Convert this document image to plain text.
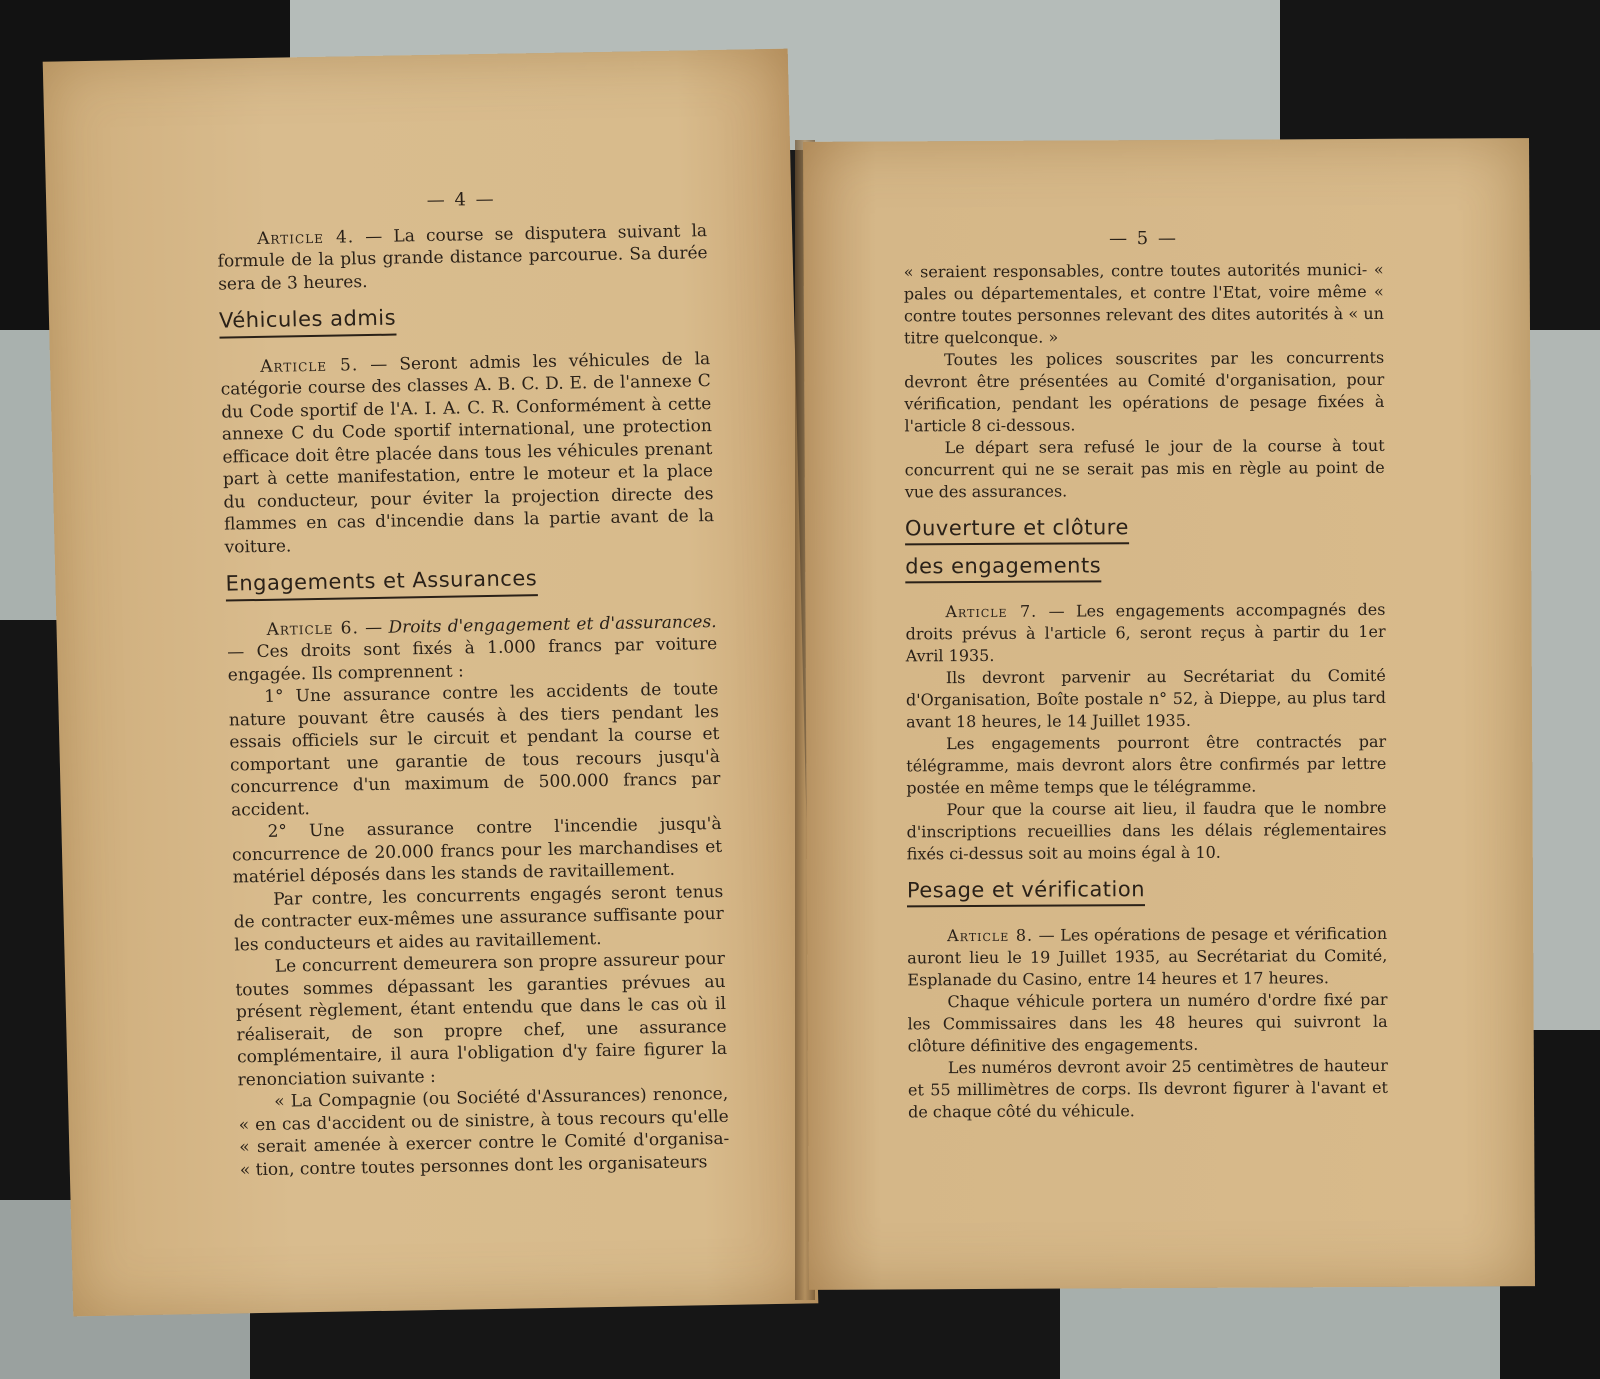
— 4 —

Article 4. — La course se disputera suivant la formule de la plus grande distance parcourue. Sa durée sera de 3 heures.

Véhicules admis

Article 5. — Seront admis les véhicules de la catégorie course des classes A. B. C. D. E. de l'annexe C du Code sportif de l'A. I. A. C. R. Conformément à cette annexe C du Code sportif international, une protection efficace doit être placée dans tous les véhicules prenant part à cette manifestation, entre le moteur et la place du conducteur, pour éviter la projection directe des flammes en cas d'incendie dans la partie avant de la voiture.

Engagements et Assurances

Article 6. — Droits d'engagement et d'assurances. — Ces droits sont fixés à 1.000 francs par voiture engagée. Ils comprennent :

1° Une assurance contre les accidents de toute nature pouvant être causés à des tiers pendant les essais officiels sur le circuit et pendant la course et comportant une garantie de tous recours jusqu'à concurrence d'un maximum de 500.000 francs par accident.

2° Une assurance contre l'incendie jusqu'à concurrence de 20.000 francs pour les marchandises et matériel déposés dans les stands de ravitaillement.

Par contre, les concurrents engagés seront tenus de contracter eux-mêmes une assurance suffisante pour les conducteurs et aides au ravitaillement.

Le concurrent demeurera son propre assureur pour toutes sommes dépassant les garanties prévues au présent règlement, étant entendu que dans le cas où il réaliserait, de son propre chef, une assurance complémentaire, il aura l'obligation d'y faire figurer la renonciation suivante :

« La Compagnie (ou Société d'Assurances) renonce, « en cas d'accident ou de sinistre, à tous recours qu'elle « serait amenée à exercer contre le Comité d'organisa- « tion, contre toutes personnes dont les organisateurs

— 5 —

« seraient responsables, contre toutes autorités munici- « pales ou départementales, et contre l'Etat, voire même « contre toutes personnes relevant des dites autorités à « un titre quelconque. »

Toutes les polices souscrites par les concurrents devront être présentées au Comité d'organisation, pour vérification, pendant les opérations de pesage fixées à l'article 8 ci-dessous.

Le départ sera refusé le jour de la course à tout concurrent qui ne se serait pas mis en règle au point de vue des assurances.

Ouverture et clôture
des engagements

Article 7. — Les engagements accompagnés des droits prévus à l'article 6, seront reçus à partir du 1er Avril 1935.

Ils devront parvenir au Secrétariat du Comité d'Organisation, Boîte postale n° 52, à Dieppe, au plus tard avant 18 heures, le 14 Juillet 1935.

Les engagements pourront être contractés par télégramme, mais devront alors être confirmés par lettre postée en même temps que le télégramme.

Pour que la course ait lieu, il faudra que le nombre d'inscriptions recueillies dans les délais réglementaires fixés ci-dessus soit au moins égal à 10.

Pesage et vérification

Article 8. — Les opérations de pesage et vérification auront lieu le 19 Juillet 1935, au Secrétariat du Comité, Esplanade du Casino, entre 14 heures et 17 heures.

Chaque véhicule portera un numéro d'ordre fixé par les Commissaires dans les 48 heures qui suivront la clôture définitive des engagements.

Les numéros devront avoir 25 centimètres de hauteur et 55 millimètres de corps. Ils devront figurer à l'avant et de chaque côté du véhicule.
